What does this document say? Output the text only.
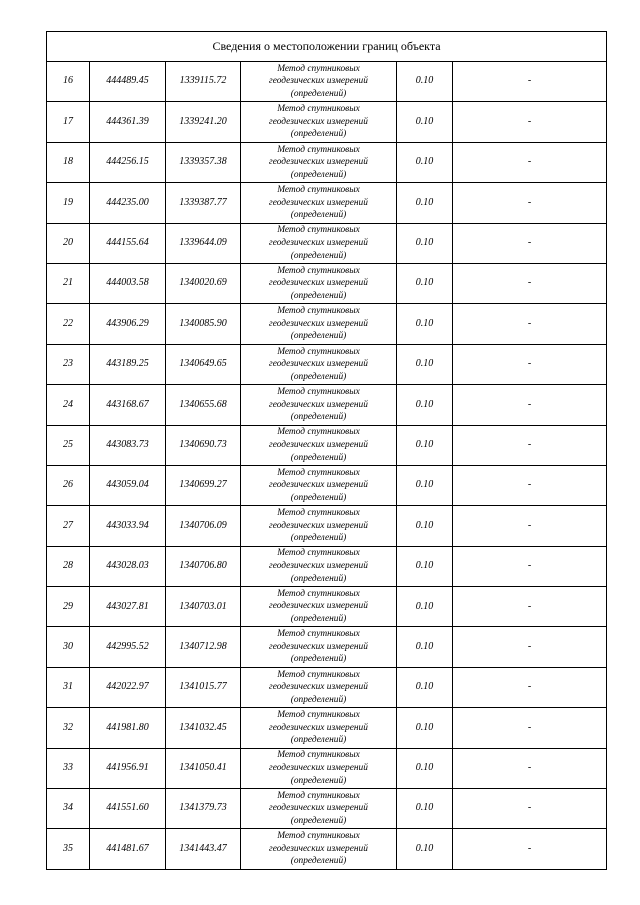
Сведения о местоположении границ объекта					
16	444489.45	1339115.72	Метод спутниковых
геодезических измерений
(определений)	0.10	-
17	444361.39	1339241.20	Метод спутниковых
геодезических измерений
(определений)	0.10	-
18	444256.15	1339357.38	Метод спутниковых
геодезических измерений
(определений)	0.10	-
19	444235.00	1339387.77	Метод спутниковых
геодезических измерений
(определений)	0.10	-
20	444155.64	1339644.09	Метод спутниковых
геодезических измерений
(определений)	0.10	-
21	444003.58	1340020.69	Метод спутниковых
геодезических измерений
(определений)	0.10	-
22	443906.29	1340085.90	Метод спутниковых
геодезических измерений
(определений)	0.10	-
23	443189.25	1340649.65	Метод спутниковых
геодезических измерений
(определений)	0.10	-
24	443168.67	1340655.68	Метод спутниковых
геодезических измерений
(определений)	0.10	-
25	443083.73	1340690.73	Метод спутниковых
геодезических измерений
(определений)	0.10	-
26	443059.04	1340699.27	Метод спутниковых
геодезических измерений
(определений)	0.10	-
27	443033.94	1340706.09	Метод спутниковых
геодезических измерений
(определений)	0.10	-
28	443028.03	1340706.80	Метод спутниковых
геодезических измерений
(определений)	0.10	-
29	443027.81	1340703.01	Метод спутниковых
геодезических измерений
(определений)	0.10	-
30	442995.52	1340712.98	Метод спутниковых
геодезических измерений
(определений)	0.10	-
31	442022.97	1341015.77	Метод спутниковых
геодезических измерений
(определений)	0.10	-
32	441981.80	1341032.45	Метод спутниковых
геодезических измерений
(определений)	0.10	-
33	441956.91	1341050.41	Метод спутниковых
геодезических измерений
(определений)	0.10	-
34	441551.60	1341379.73	Метод спутниковых
геодезических измерений
(определений)	0.10	-
35	441481.67	1341443.47	Метод спутниковых
геодезических измерений
(определений)	0.10	-
